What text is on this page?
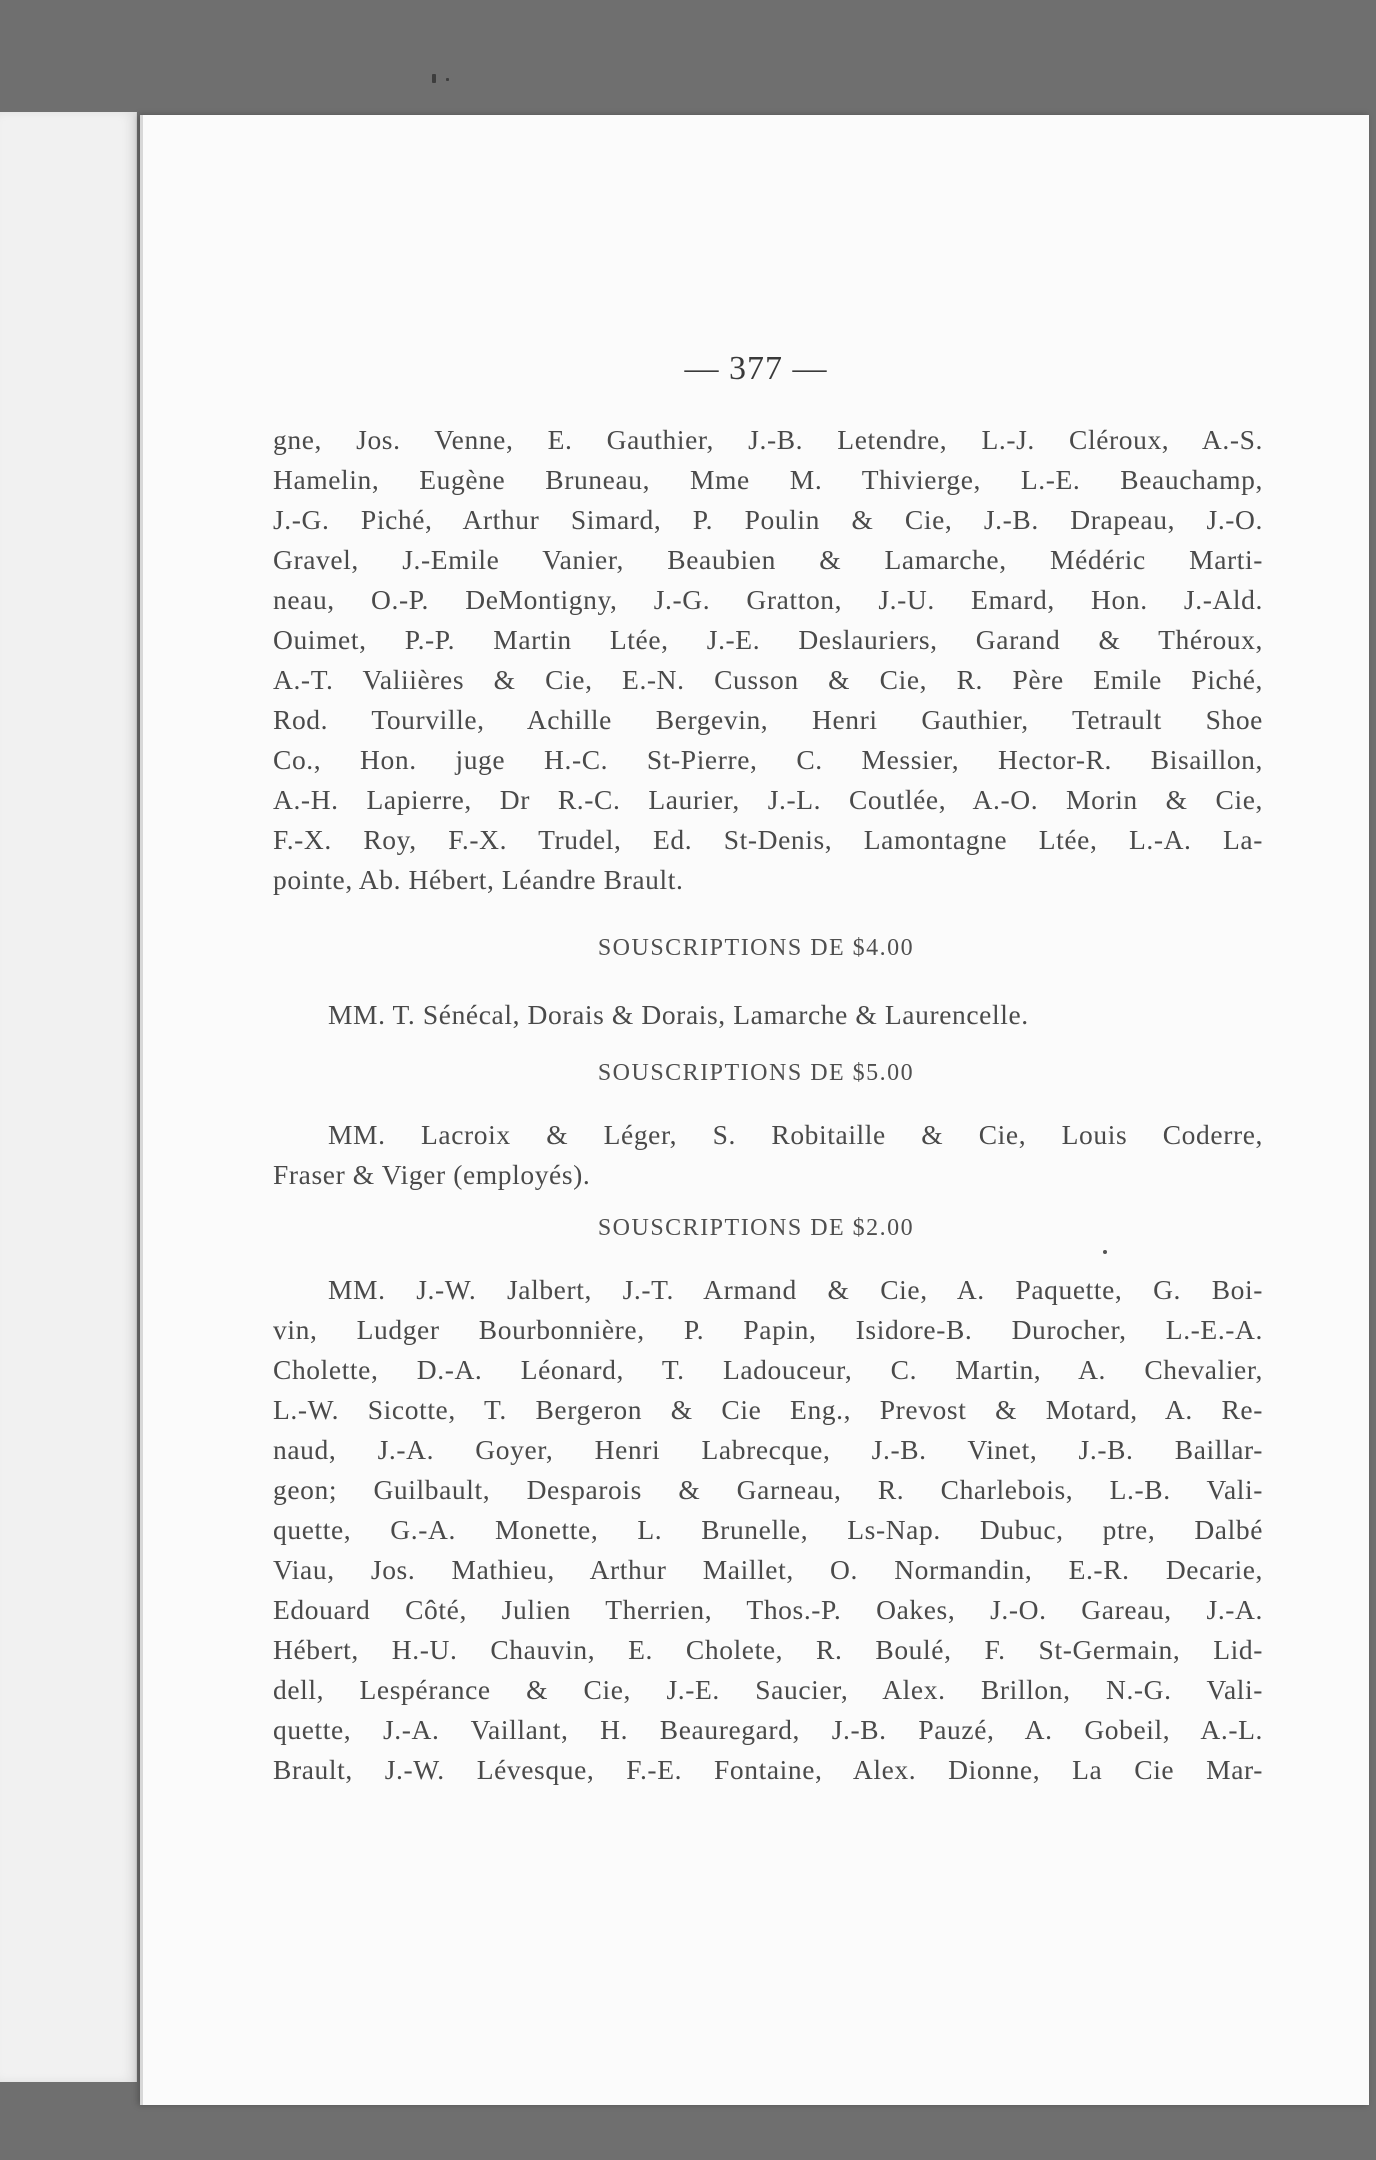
— 377 —
gne, Jos. Venne, E. Gauthier, J.-B. Letendre, L.-J. Cléroux, A.-S.
Hamelin, Eugène Bruneau, Mme M. Thivierge, L.-E. Beauchamp,
J.-G. Piché, Arthur Simard, P. Poulin & Cie, J.-B. Drapeau, J.-O.
Gravel, J.-Emile Vanier, Beaubien & Lamarche, Médéric Marti-
neau, O.-P. DeMontigny, J.-G. Gratton, J.-U. Emard, Hon. J.-Ald.
Ouimet, P.-P. Martin Ltée, J.-E. Deslauriers, Garand & Théroux,
A.-T. Valiières & Cie, E.-N. Cusson & Cie, R. Père Emile Piché,
Rod. Tourville, Achille Bergevin, Henri Gauthier, Tetrault Shoe
Co., Hon. juge H.-C. St-Pierre, C. Messier, Hector-R. Bisaillon,
A.-H. Lapierre, Dr R.-C. Laurier, J.-L. Coutlée, A.-O. Morin & Cie,
F.-X. Roy, F.-X. Trudel, Ed. St-Denis, Lamontagne Ltée, L.-A. La-
pointe, Ab. Hébert, Léandre Brault.
SOUSCRIPTIONS DE $4.00
MM. T. Sénécal, Dorais & Dorais, Lamarche & Laurencelle.
SOUSCRIPTIONS DE $5.00
MM. Lacroix & Léger, S. Robitaille & Cie, Louis Coderre,
Fraser & Viger (employés).
SOUSCRIPTIONS DE $2.00
MM. J.-W. Jalbert, J.-T. Armand & Cie, A. Paquette, G. Boi-
vin, Ludger Bourbonnière, P. Papin, Isidore-B. Durocher, L.-E.-A.
Cholette, D.-A. Léonard, T. Ladouceur, C. Martin, A. Chevalier,
L.-W. Sicotte, T. Bergeron & Cie Eng., Prevost & Motard, A. Re-
naud, J.-A. Goyer, Henri Labrecque, J.-B. Vinet, J.-B. Baillar-
geon; Guilbault, Desparois & Garneau, R. Charlebois, L.-B. Vali-
quette, G.-A. Monette, L. Brunelle, Ls-Nap. Dubuc, ptre, Dalbé
Viau, Jos. Mathieu, Arthur Maillet, O. Normandin, E.-R. Decarie,
Edouard Côté, Julien Therrien, Thos.-P. Oakes, J.-O. Gareau, J.-A.
Hébert, H.-U. Chauvin, E. Cholete, R. Boulé, F. St-Germain, Lid-
dell, Lespérance & Cie, J.-E. Saucier, Alex. Brillon, N.-G. Vali-
quette, J.-A. Vaillant, H. Beauregard, J.-B. Pauzé, A. Gobeil, A.-L.
Brault, J.-W. Lévesque, F.-E. Fontaine, Alex. Dionne, La Cie Mar-
